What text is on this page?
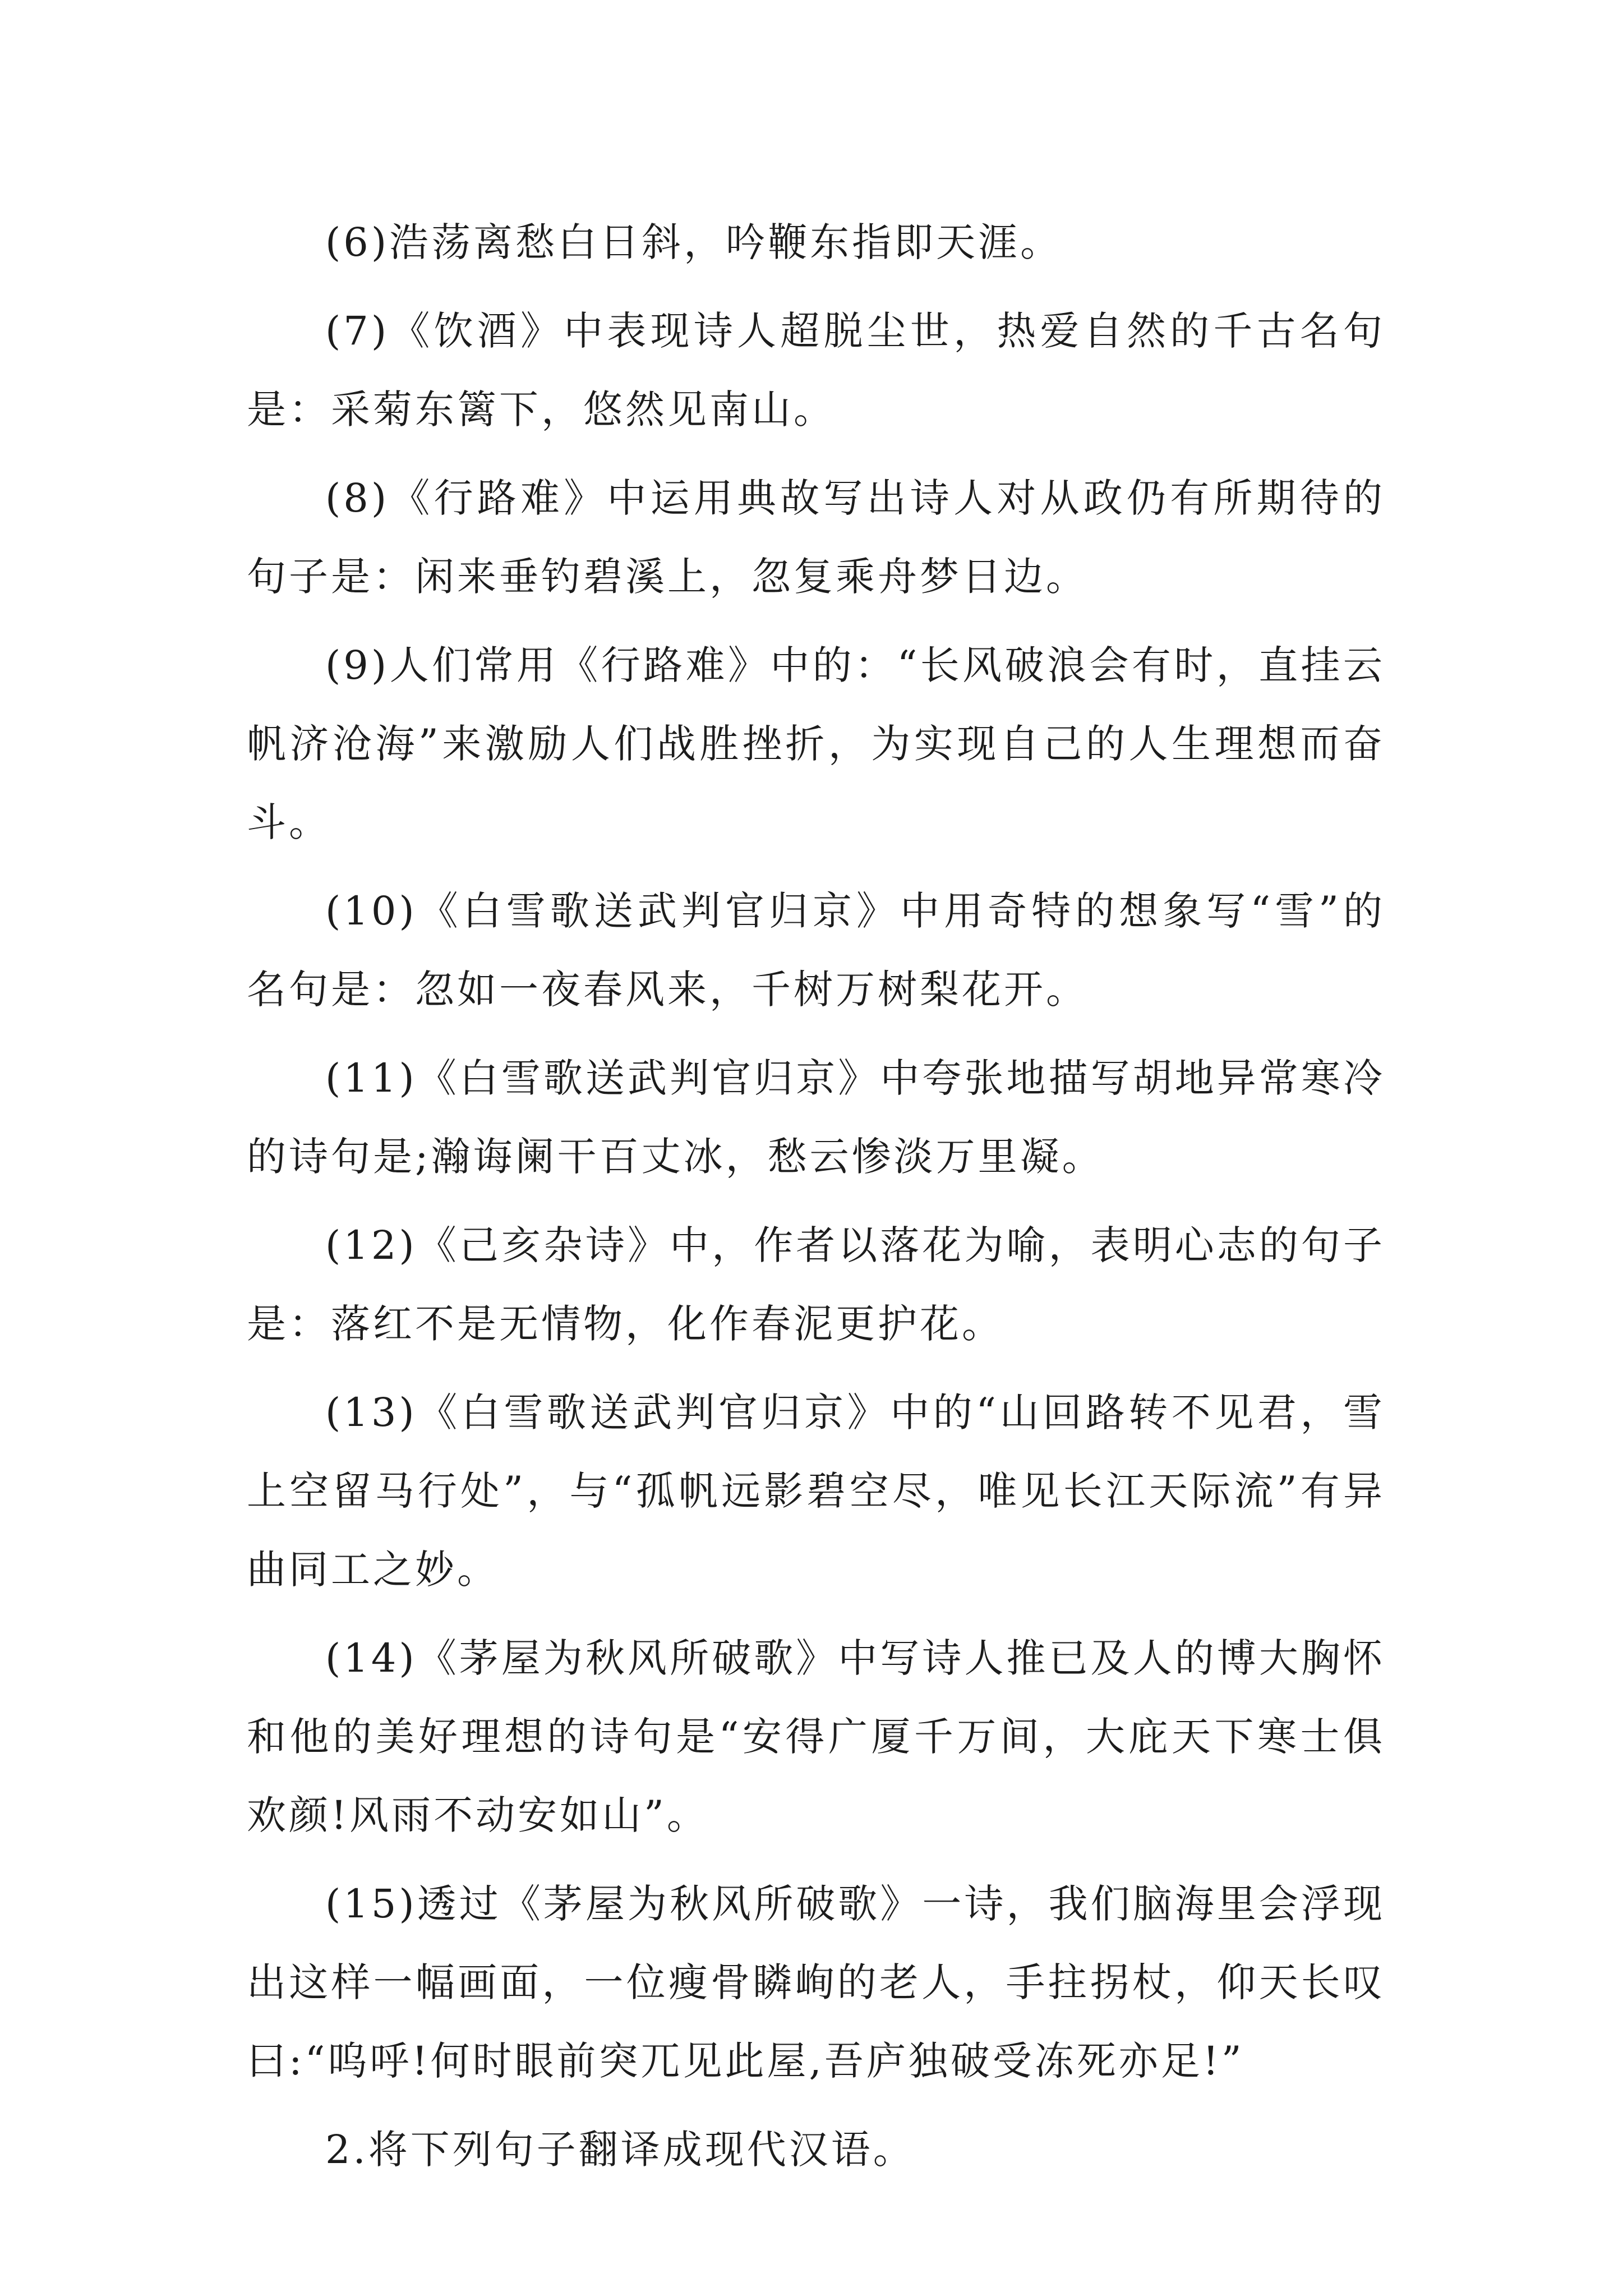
(6)浩荡离愁白日斜，吟鞭东指即天涯。

(7)《饮酒》中表现诗人超脱尘世，热爱自然的千古名句是：采菊东篱下，悠然见南山。

(8)《行路难》中运用典故写出诗人对从政仍有所期待的句子是：闲来垂钓碧溪上，忽复乘舟梦日边。

(9)人们常用《行路难》中的：“长风破浪会有时，直挂云帆济沧海”来激励人们战胜挫折，为实现自己的人生理想而奋斗。

(10)《白雪歌送武判官归京》中用奇特的想象写“雪”的名句是：忽如一夜春风来，千树万树梨花开。

(11)《白雪歌送武判官归京》中夸张地描写胡地异常寒冷的诗句是;瀚诲阑干百丈冰，愁云惨淡万里凝。

(12)《己亥杂诗》中，作者以落花为喻，表明心志的句子是：落红不是无情物，化作春泥更护花。

(13)《白雪歌送武判官归京》中的“山回路转不见君，雪上空留马行处”，与“孤帆远影碧空尽，唯见长江天际流”有异曲同工之妙。

(14)《茅屋为秋风所破歌》中写诗人推已及人的博大胸怀和他的美好理想的诗句是“安得广厦千万间，大庇天下寒士俱欢颜!风雨不动安如山”。

(15)透过《茅屋为秋风所破歌》一诗，我们脑海里会浮现出这样一幅画面，一位瘦骨瞵峋的老人，手拄拐杖，仰天长叹曰:“呜呼!何时眼前突兀见此屋,吾庐独破受冻死亦足!”

2.将下列句子翻译成现代汉语。
